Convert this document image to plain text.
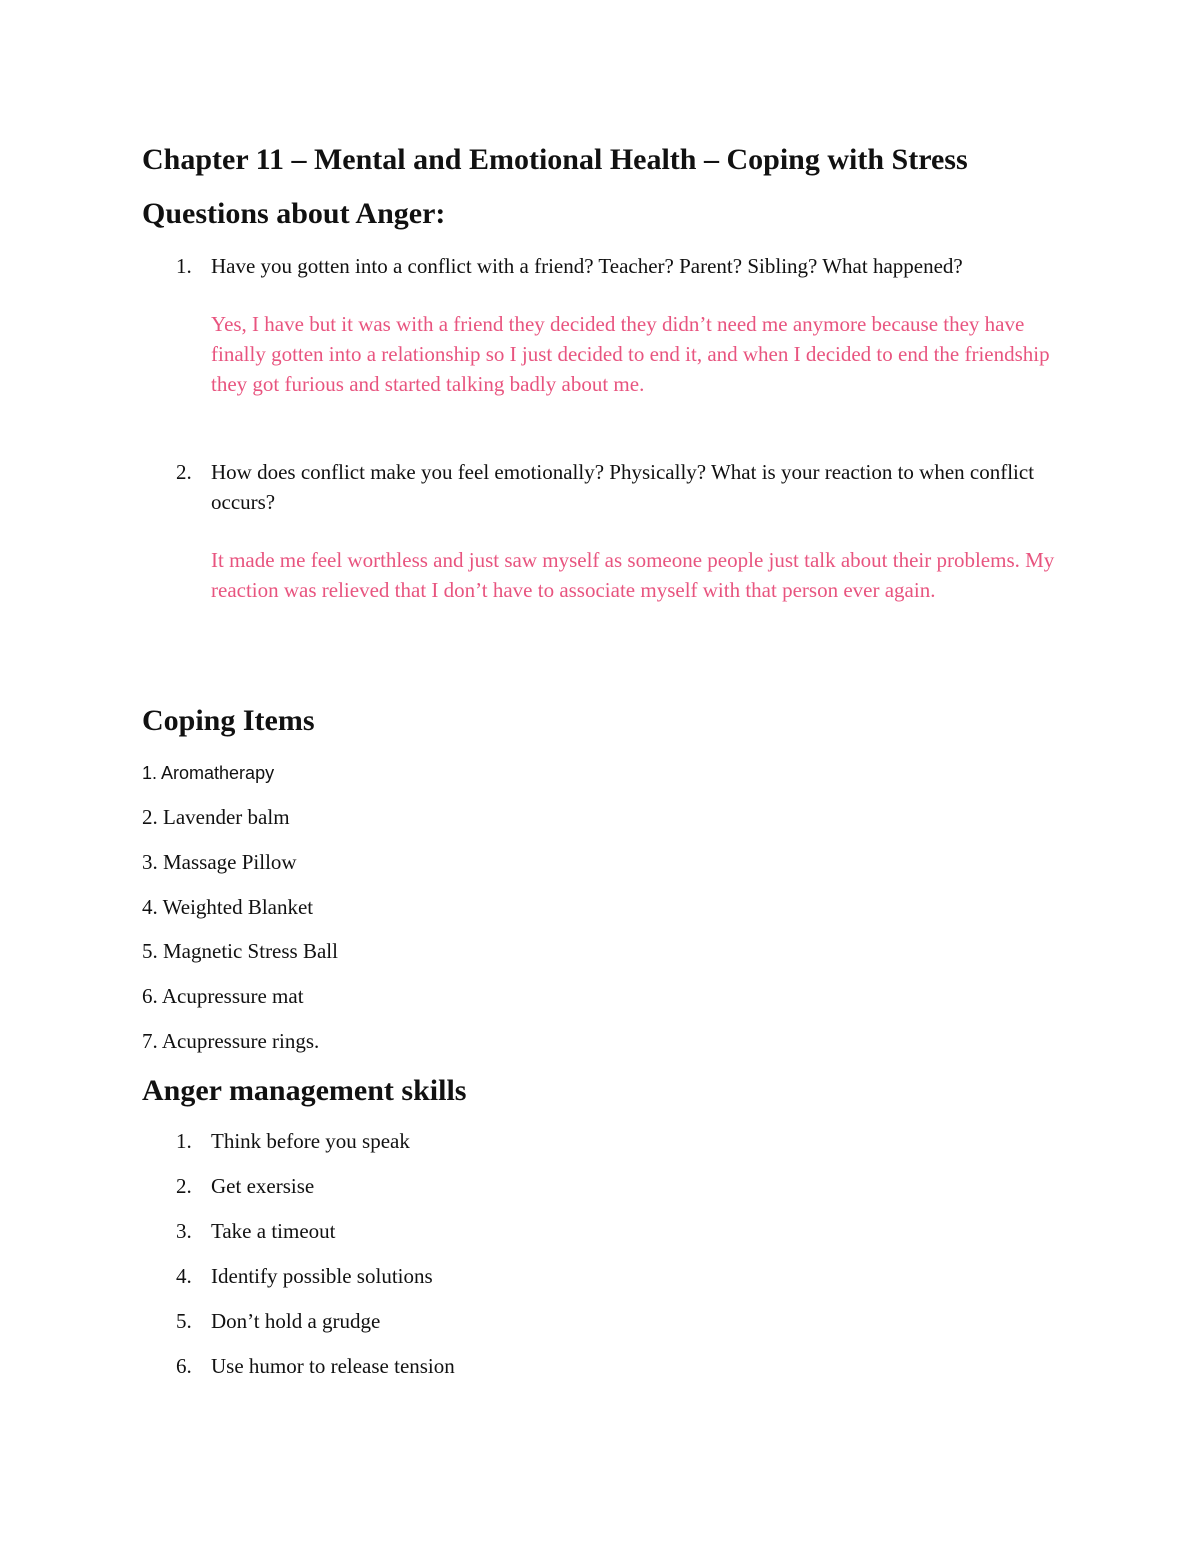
Chapter 11 – Mental and Emotional Health – Coping with Stress
Questions about Anger:
1. Have you gotten into a conflict with a friend? Teacher? Parent? Sibling? What happened?
Yes, I have but it was with a friend they decided they didn’t need me anymore because they have finally gotten into a relationship so I just decided to end it, and when I decided to end the friendship they got furious and started talking badly about me.
2. How does conflict make you feel emotionally? Physically? What is your reaction to when conflict occurs?
It made me feel worthless and just saw myself as someone people just talk about their problems. My reaction was relieved that I don’t have to associate myself with that person ever again.
Coping Items
1. Aromatherapy
2. Lavender balm
3. Massage Pillow
4. Weighted Blanket
5. Magnetic Stress Ball
6. Acupressure mat
7. Acupressure rings.
Anger management skills
1. Think before you speak
2. Get exersise
3. Take a timeout
4. Identify possible solutions
5. Don’t hold a grudge
6. Use humor to release tension
